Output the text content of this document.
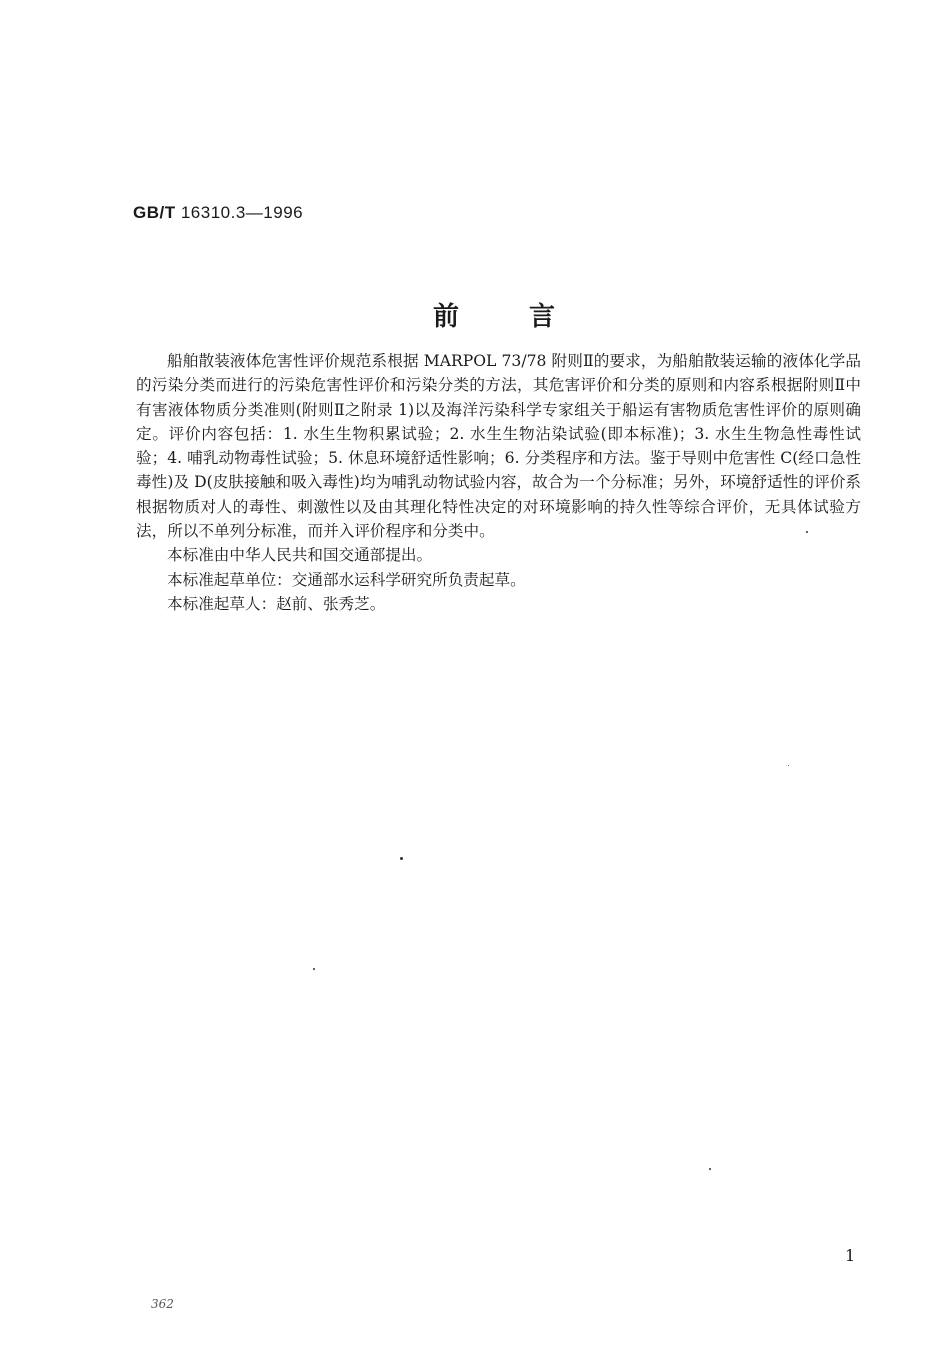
GB/T 16310.3—1996
前言

船舶散装液体危害性评价规范系根据 MARPOL 73/78 附则Ⅱ的要求，为船舶散装运输的液体化学品的污染分类而进行的污染危害性评价和污染分类的方法，其危害评价和分类的原则和内容系根据附则Ⅱ中有害液体物质分类准则(附则Ⅱ之附录 1)以及海洋污染科学专家组关于船运有害物质危害性评价的原则确定。评价内容包括：1. 水生生物积累试验；2. 水生生物沾染试验(即本标准)；3. 水生生物急性毒性试验；4. 哺乳动物毒性试验；5. 休息环境舒适性影响；6. 分类程序和方法。鉴于导则中危害性 C(经口急性毒性)及 D(皮肤接触和吸入毒性)均为哺乳动物试验内容，故合为一个分标准；另外，环境舒适性的评价系根据物质对人的毒性、刺激性以及由其理化特性决定的对环境影响的持久性等综合评价，无具体试验方法，所以不单列分标准，而并入评价程序和分类中。

本标准由中华人民共和国交通部提出。

本标准起草单位：交通部水运科学研究所负责起草。

本标准起草人：赵前、张秀芝。

1
362
